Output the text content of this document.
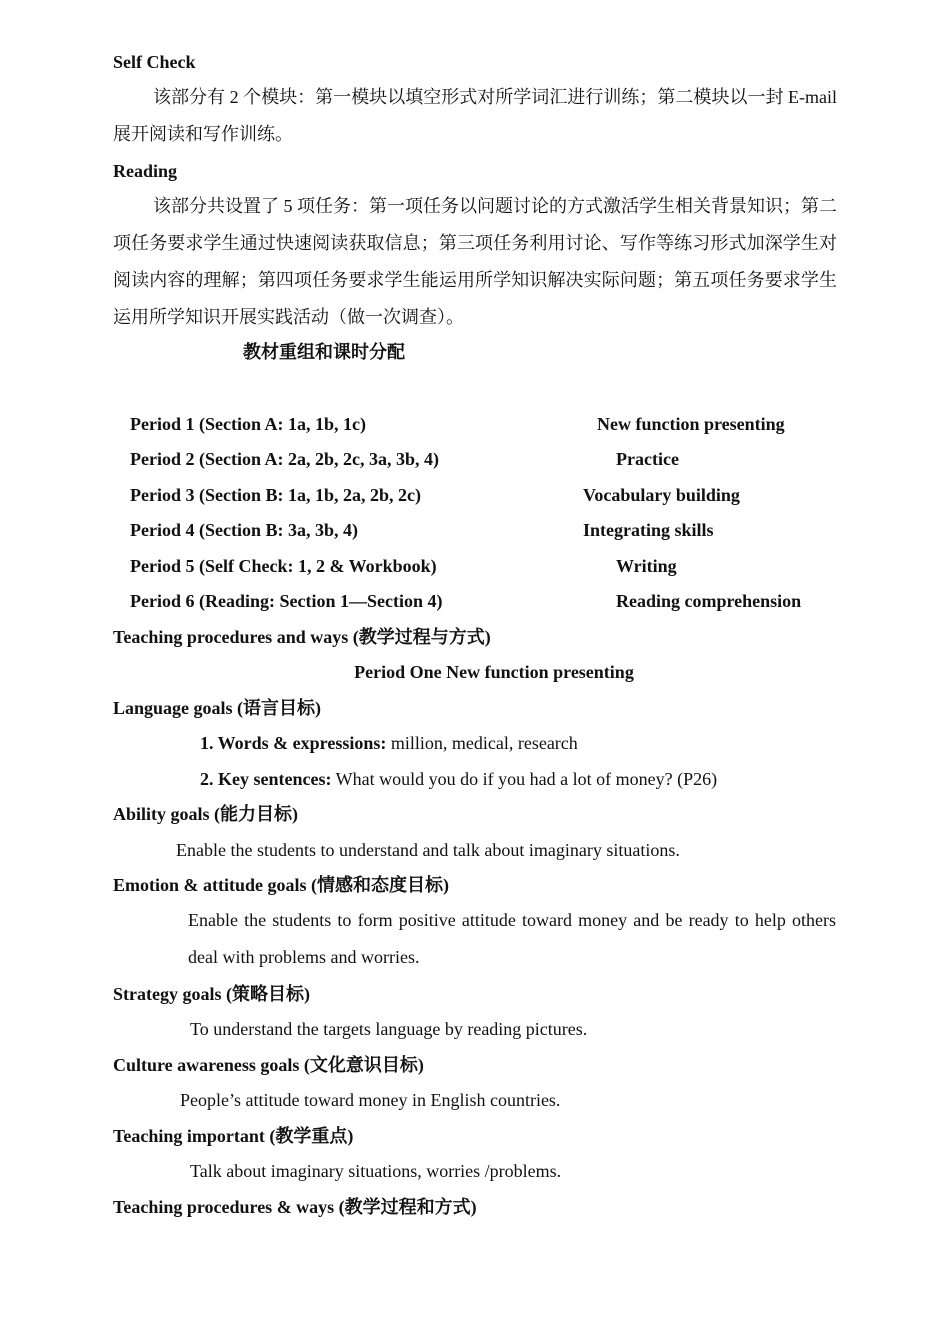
Self Check
该部分有 2 个模块：第一模块以填空形式对所学词汇进行训练；第二模块以一封 E-mail 展开阅读和写作训练。
Reading
该部分共设置了 5 项任务：第一项任务以问题讨论的方式激活学生相关背景知识；第二项任务要求学生通过快速阅读获取信息；第三项任务利用讨论、写作等练习形式加深学生对阅读内容的理解；第四项任务要求学生能运用所学知识解决实际问题；第五项任务要求学生运用所学知识开展实践活动（做一次调查）。
教材重组和课时分配
Period 1 (Section A: 1a, 1b, 1c)	New function presenting
Period 2 (Section A: 2a, 2b, 2c, 3a, 3b, 4)	Practice
Period 3 (Section B: 1a, 1b, 2a, 2b, 2c)	Vocabulary building
Period 4 (Section B: 3a, 3b, 4)	Integrating skills
Period 5 (Self Check: 1, 2 & Workbook)	Writing
Period 6 (Reading: Section 1—Section 4)	Reading comprehension
Teaching procedures and ways (教学过程与方式)
Period One New function presenting
Language goals (语言目标)
1. Words & expressions: million, medical, research
2. Key sentences: What would you do if you had a lot of money? (P26)
Ability goals (能力目标)
Enable the students to understand and talk about imaginary situations.
Emotion & attitude goals (情感和态度目标)
Enable the students to form positive attitude toward money and be ready to help others deal with problems and worries.
Strategy goals (策略目标)
To understand the targets language by reading pictures.
Culture awareness goals (文化意识目标)
People’s attitude toward money in English countries.
Teaching important (教学重点)
Talk about imaginary situations, worries /problems.
Teaching procedures & ways (教学过程和方式)
